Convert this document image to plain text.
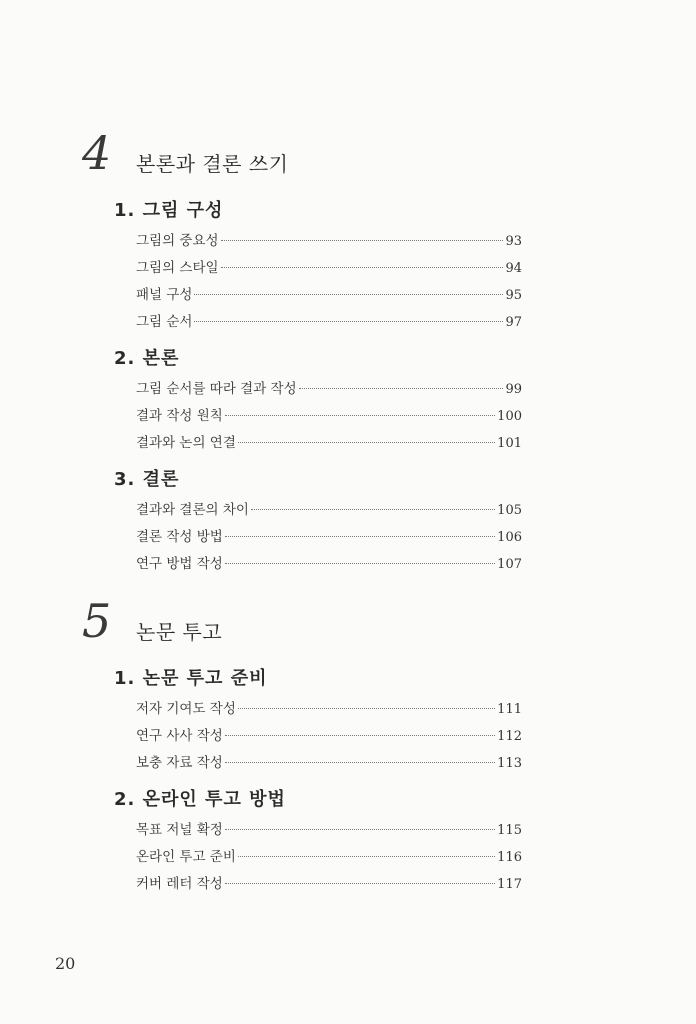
4 본론과 결론 쓰기
1. 그림 구성
그림의 중요성	93
그림의 스타일	94
패널 구성	95
그림 순서	97
2. 본론
그림 순서를 따라 결과 작성	99
결과 작성 원칙	100
결과와 논의 연결	101
3. 결론
결과와 결론의 차이	105
결론 작성 방법	106
연구 방법 작성	107
5 논문 투고
1. 논문 투고 준비
저자 기여도 작성	111
연구 사사 작성	112
보충 자료 작성	113
2. 온라인 투고 방법
목표 저널 확정	115
온라인 투고 준비	116
커버 레터 작성	117
20
